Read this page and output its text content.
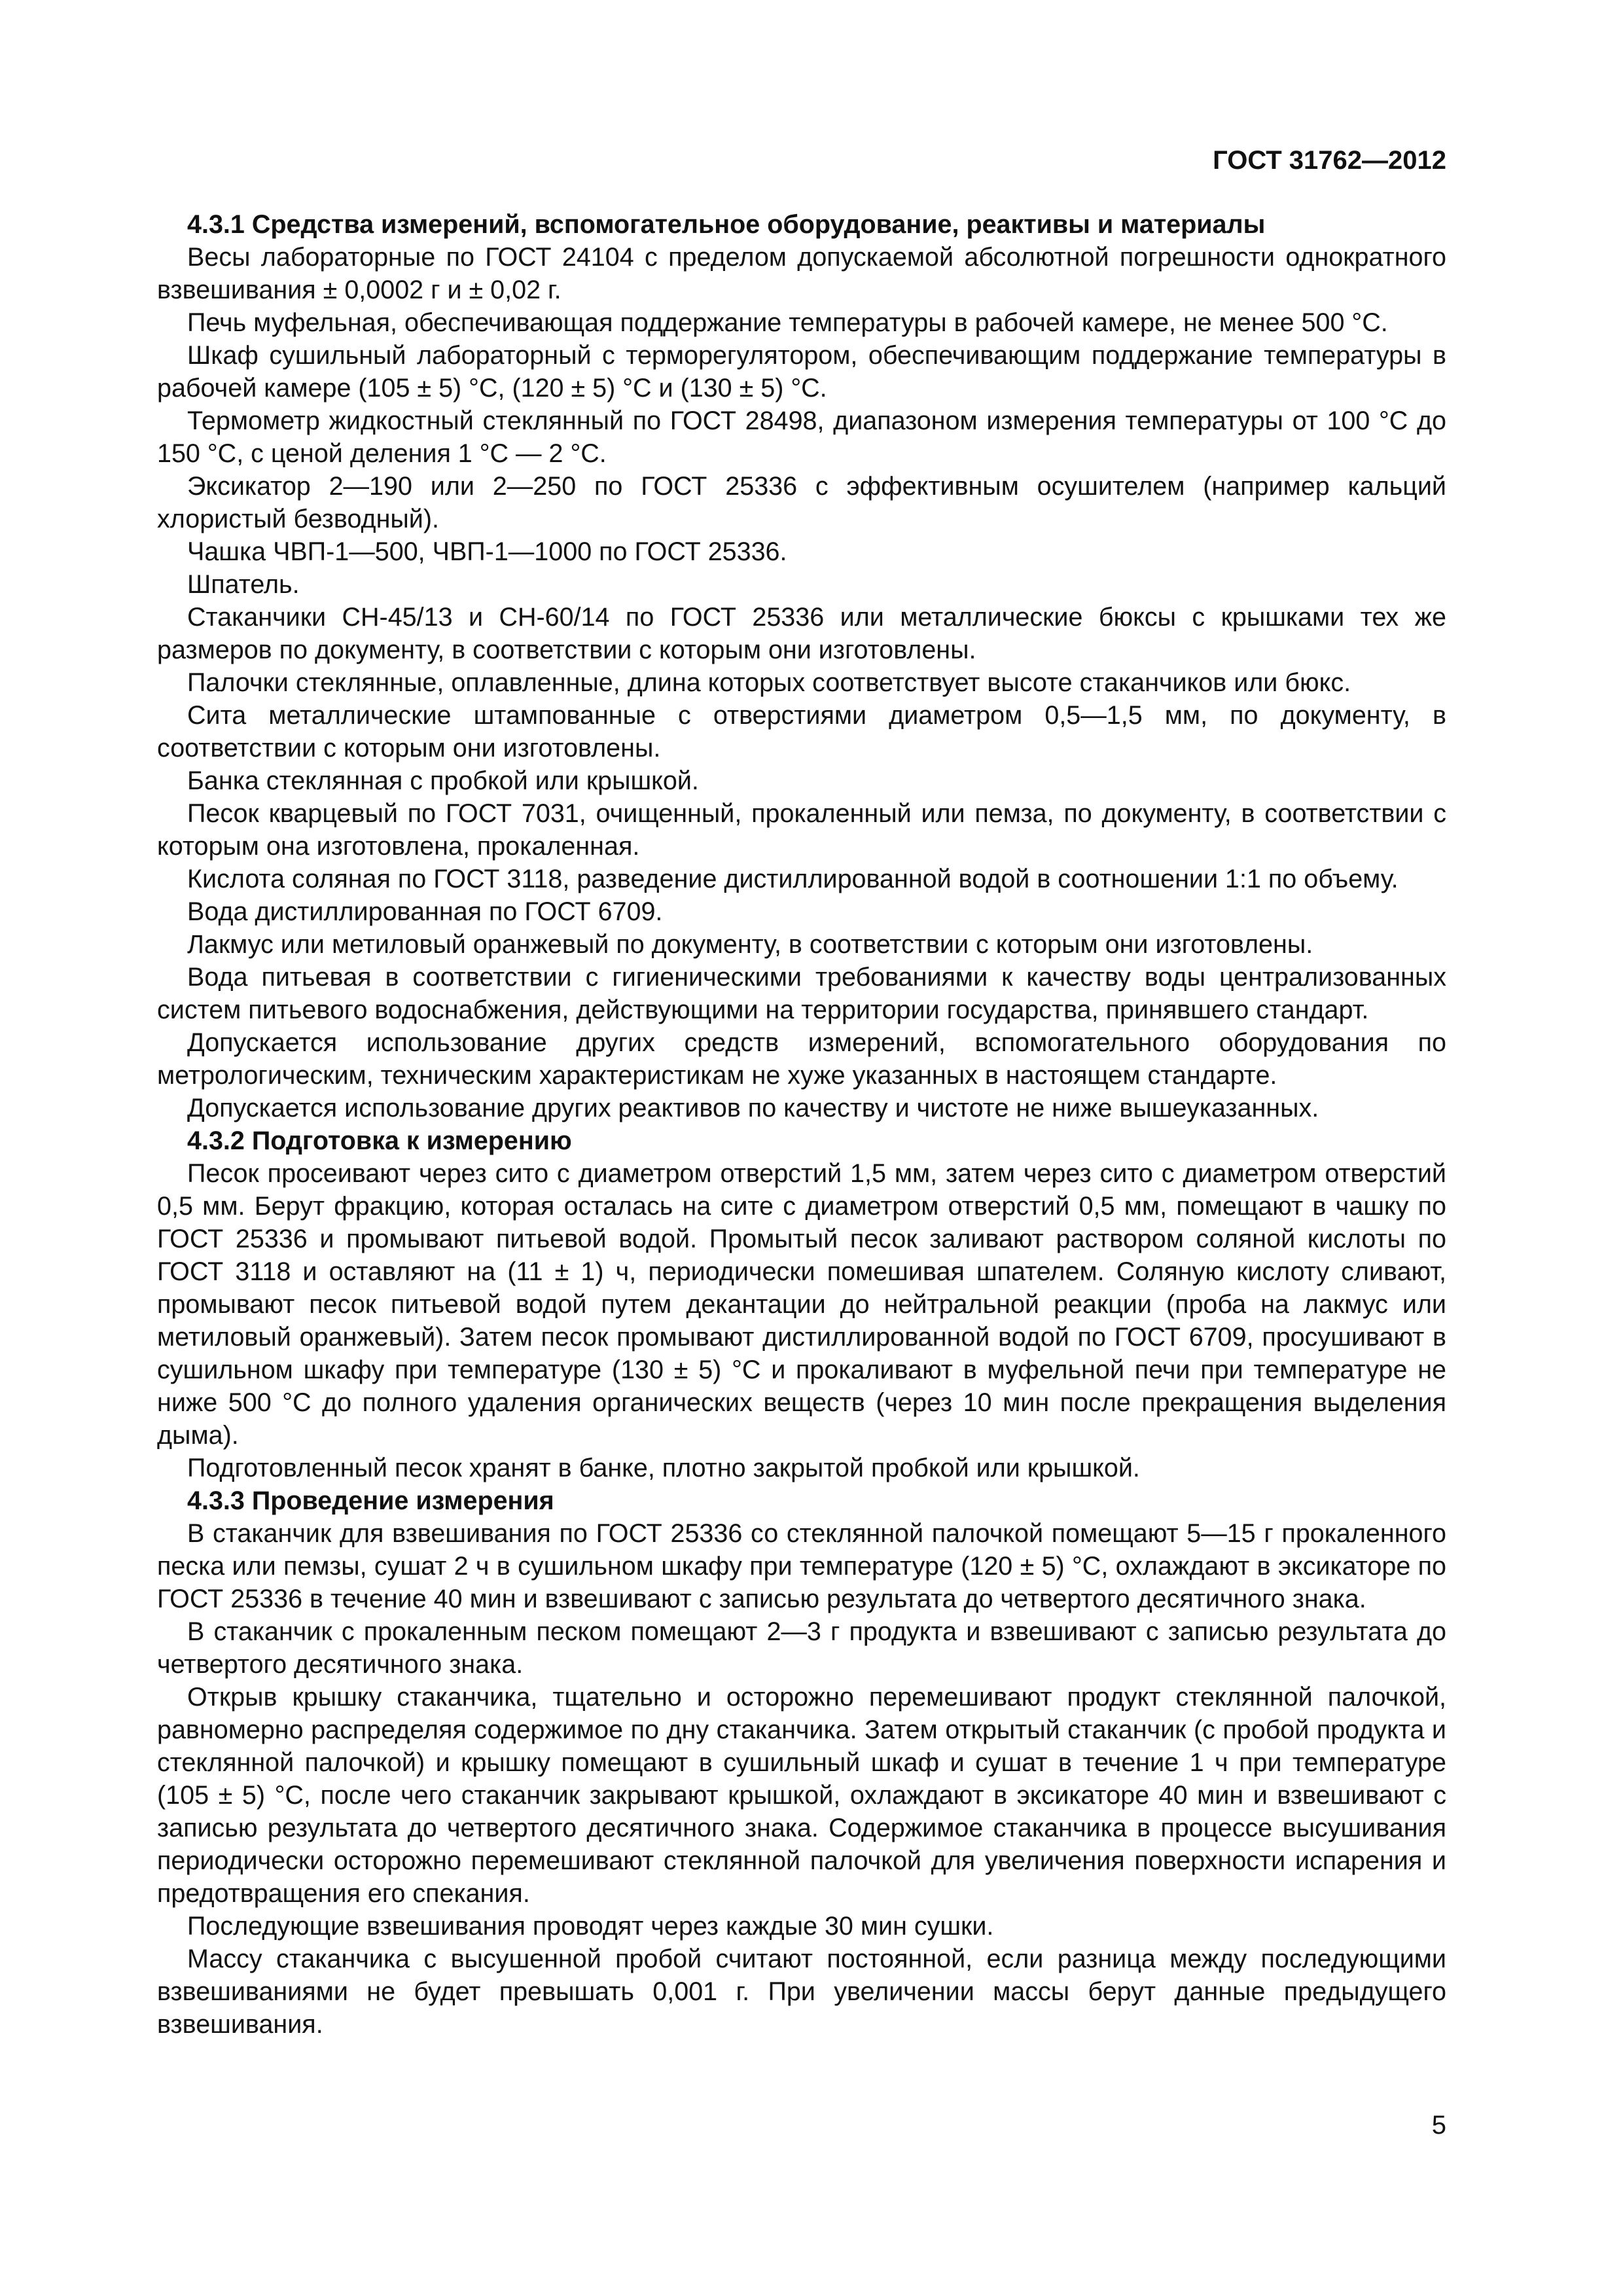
ГОСТ 31762—2012

4.3.1 Средства измерений, вспомогательное оборудование, реактивы и материалы

Весы лабораторные по ГОСТ 24104 с пределом допускаемой абсолютной погрешности однократного взвешивания ± 0,0002 г и ± 0,02 г.

Печь муфельная, обеспечивающая поддержание температуры в рабочей камере, не менее 500 °C.

Шкаф сушильный лабораторный с терморегулятором, обеспечивающим поддержание температуры в рабочей камере (105 ± 5) °C, (120 ± 5) °C и (130 ± 5) °C.

Термометр жидкостный стеклянный по ГОСТ 28498, диапазоном измерения температуры от 100 °C до 150 °C, с ценой деления 1 °C — 2 °C.

Эксикатор 2—190 или 2—250 по ГОСТ 25336 с эффективным осушителем (например кальций хлористый безводный).

Чашка ЧВП-1—500, ЧВП-1—1000 по ГОСТ 25336.

Шпатель.

Стаканчики СН-45/13 и СН-60/14 по ГОСТ 25336 или металлические бюксы с крышками тех же размеров по документу, в соответствии с которым они изготовлены.

Палочки стеклянные, оплавленные, длина которых соответствует высоте стаканчиков или бюкс.

Сита металлические штампованные с отверстиями диаметром 0,5—1,5 мм, по документу, в соответствии с которым они изготовлены.

Банка стеклянная с пробкой или крышкой.

Песок кварцевый по ГОСТ 7031, очищенный, прокаленный или пемза, по документу, в соответствии с которым она изготовлена, прокаленная.

Кислота соляная по ГОСТ 3118, разведение дистиллированной водой в соотношении 1:1 по объему.

Вода дистиллированная по ГОСТ 6709.

Лакмус или метиловый оранжевый по документу, в соответствии с которым они изготовлены.

Вода питьевая в соответствии с гигиеническими требованиями к качеству воды централизованных систем питьевого водоснабжения, действующими на территории государства, принявшего стандарт.

Допускается использование других средств измерений, вспомогательного оборудования по метрологическим, техническим характеристикам не хуже указанных в настоящем стандарте.

Допускается использование других реактивов по качеству и чистоте не ниже вышеуказанных.

4.3.2 Подготовка к измерению

Песок просеивают через сито с диаметром отверстий 1,5 мм, затем через сито с диаметром отверстий 0,5 мм. Берут фракцию, которая осталась на сите с диаметром отверстий 0,5 мм, помещают в чашку по ГОСТ 25336 и промывают питьевой водой. Промытый песок заливают раствором соляной кислоты по ГОСТ 3118 и оставляют на (11 ± 1) ч, периодически помешивая шпателем. Соляную кислоту сливают, промывают песок питьевой водой путем декантации до нейтральной реакции (проба на лакмус или метиловый оранжевый). Затем песок промывают дистиллированной водой по ГОСТ 6709, просушивают в сушильном шкафу при температуре (130 ± 5) °C и прокаливают в муфельной печи при температуре не ниже 500 °C до полного удаления органических веществ (через 10 мин после прекращения выделения дыма).

Подготовленный песок хранят в банке, плотно закрытой пробкой или крышкой.

4.3.3 Проведение измерения

В стаканчик для взвешивания по ГОСТ 25336 со стеклянной палочкой помещают 5—15 г прокаленного песка или пемзы, сушат 2 ч в сушильном шкафу при температуре (120 ± 5) °C, охлаждают в эксикаторе по ГОСТ 25336 в течение 40 мин и взвешивают с записью результата до четвертого десятичного знака.

В стаканчик с прокаленным песком помещают 2—3 г продукта и взвешивают с записью результата до четвертого десятичного знака.

Открыв крышку стаканчика, тщательно и осторожно перемешивают продукт стеклянной палочкой, равномерно распределяя содержимое по дну стаканчика. Затем открытый стаканчик (с пробой продукта и стеклянной палочкой) и крышку помещают в сушильный шкаф и сушат в течение 1 ч при температуре (105 ± 5) °C, после чего стаканчик закрывают крышкой, охлаждают в эксикаторе 40 мин и взвешивают с записью результата до четвертого десятичного знака. Содержимое стаканчика в процессе высушивания периодически осторожно перемешивают стеклянной палочкой для увеличения поверхности испарения и предотвращения его спекания.

Последующие взвешивания проводят через каждые 30 мин сушки.

Массу стаканчика с высушенной пробой считают постоянной, если разница между последующими взвешиваниями не будет превышать 0,001 г. При увеличении массы берут данные предыдущего взвешивания.

5
